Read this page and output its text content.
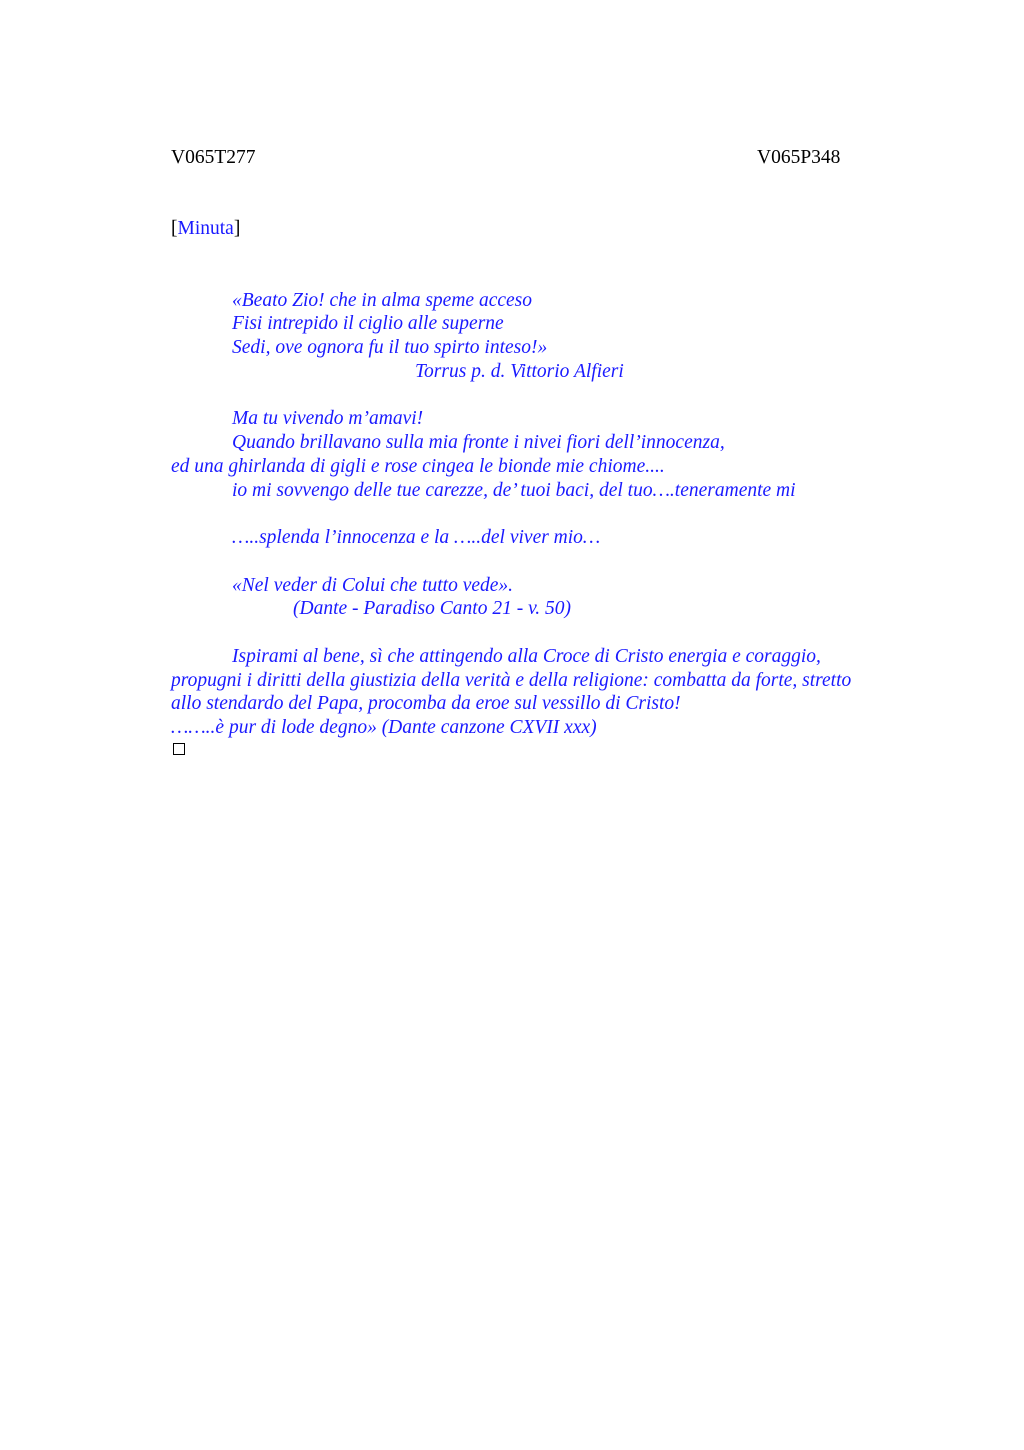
V065T277	V065P348
[Minuta]
«Beato Zio! che in alma speme acceso
Fisi intrepido il ciglio alle superne
Sedi, ove ognora fu il tuo spirto inteso!»
Torrus p. d. Vittorio Alfieri
Ma tu vivendo m’amavi!
Quando brillavano sulla mia fronte i nivei fiori dell’innocenza,
ed una ghirlanda di gigli e rose cingea le bionde mie chiome....
io mi sovvengo delle tue carezze, de’ tuoi baci, del tuo….teneramente mi
…..splenda l’innocenza e la …..del viver mio…
«Nel veder di Colui che tutto vede».
(Dante - Paradiso Canto 21 - v. 50)
Ispirami al bene, sì che attingendo alla Croce di Cristo energia e coraggio,
propugni i diritti della giustizia della verità e della religione: combatta da forte, stretto
allo stendardo del Papa, procomba da eroe sul vessillo di Cristo!
……..è pur di lode degno» (Dante canzone CXVII xxx)
